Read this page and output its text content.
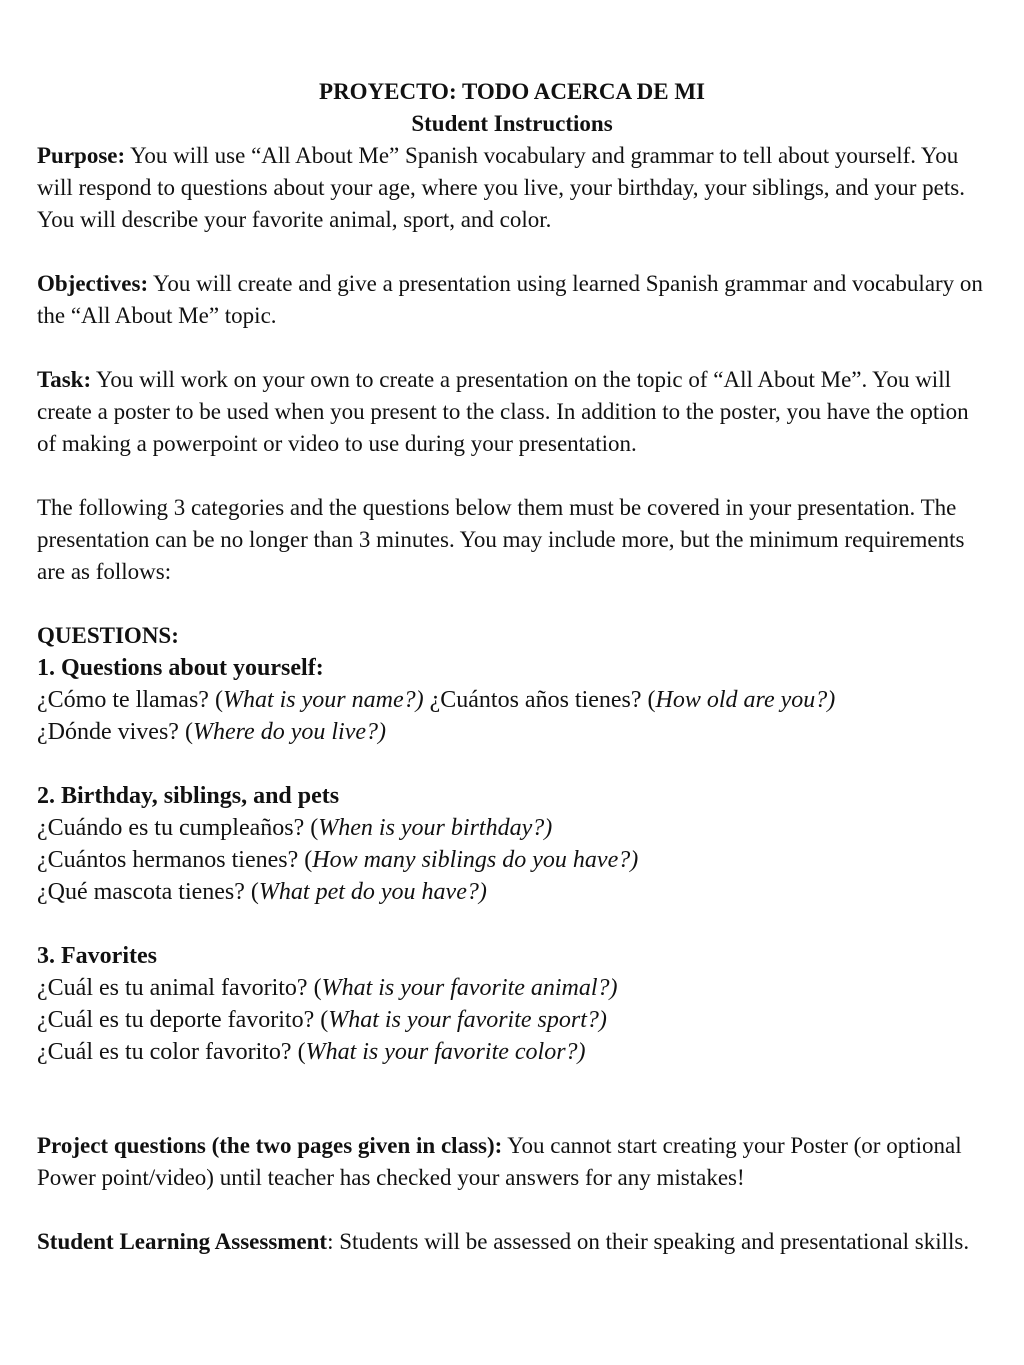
PROYECTO: TODO ACERCA DE MI

Student Instructions

Purpose: You will use “All About Me” Spanish vocabulary and grammar to tell about yourself. You will respond to questions about your age, where you live, your birthday, your siblings, and your pets. You will describe your favorite animal, sport, and color.

Objectives: You will create and give a presentation using learned Spanish grammar and vocabulary on the “All About Me” topic.

Task: You will work on your own to create a presentation on the topic of “All About Me”. You will create a poster to be used when you present to the class. In addition to the poster, you have the option of making a powerpoint or video to use during your presentation.

The following 3 categories and the questions below them must be covered in your presentation. The presentation can be no longer than 3 minutes. You may include more, but the minimum requirements are as follows:

QUESTIONS:

1. Questions about yourself:

¿Cómo te llamas? (What is your name?) ¿Cuántos años tienes? (How old are you?)

¿Dónde vives? (Where do you live?)

2. Birthday, siblings, and pets

¿Cuándo es tu cumpleaños? (When is your birthday?)

¿Cuántos hermanos tienes? (How many siblings do you have?)

¿Qué mascota tienes? (What pet do you have?)

3. Favorites

¿Cuál es tu animal favorito? (What is your favorite animal?)

¿Cuál es tu deporte favorito? (What is your favorite sport?)

¿Cuál es tu color favorito? (What is your favorite color?)

Project questions (the two pages given in class): You cannot start creating your Poster (or optional Power point/video) until teacher has checked your answers for any mistakes!

Student Learning Assessment: Students will be assessed on their speaking and presentational skills.
